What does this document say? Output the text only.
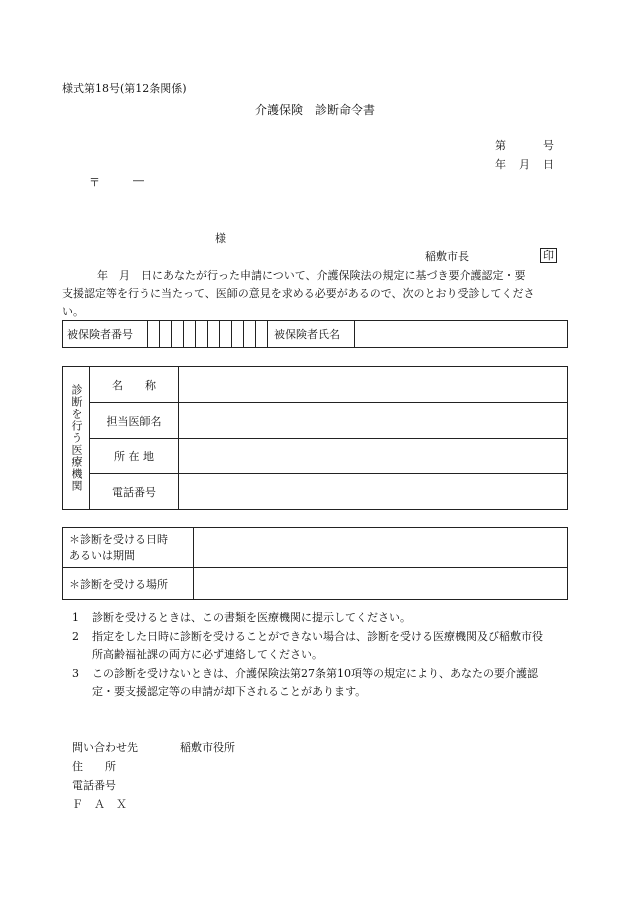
様式第18号(第12条関係)
介護保険　診断命令書
第	号
年 月 日
〒	―
様
稲敷市長	印
年　月　日にあなたが行った申請について、介護保険法の規定に基づき要介護認定・要
支援認定等を行うに当たって、医師の意見を求める必要があるので、次のとおり受診してくださ
い。
被保険者番号											被保険者氏名	
診断を行う医療機関	名　　称	
	担当医師名	
	所 在 地	
	電話番号	
＊診断を受ける日時
あるいは期間	

＊診断を受ける場所	
1 診断を受けるときは、この書類を医療機関に提示してください。
2 指定をした日時に診断を受けることができない場合は、診断を受ける医療機関及び稲敷市役
所高齢福祉課の両方に必ず連絡してください。
3 この診断を受けないときは、介護保険法第27条第10項等の規定により、あなたの要介護認
定・要支援認定等の申請が却下されることがあります。
問い合わせ先	稲敷市役所
住　　所
電話番号
Ｆ　Ａ　Ｘ
